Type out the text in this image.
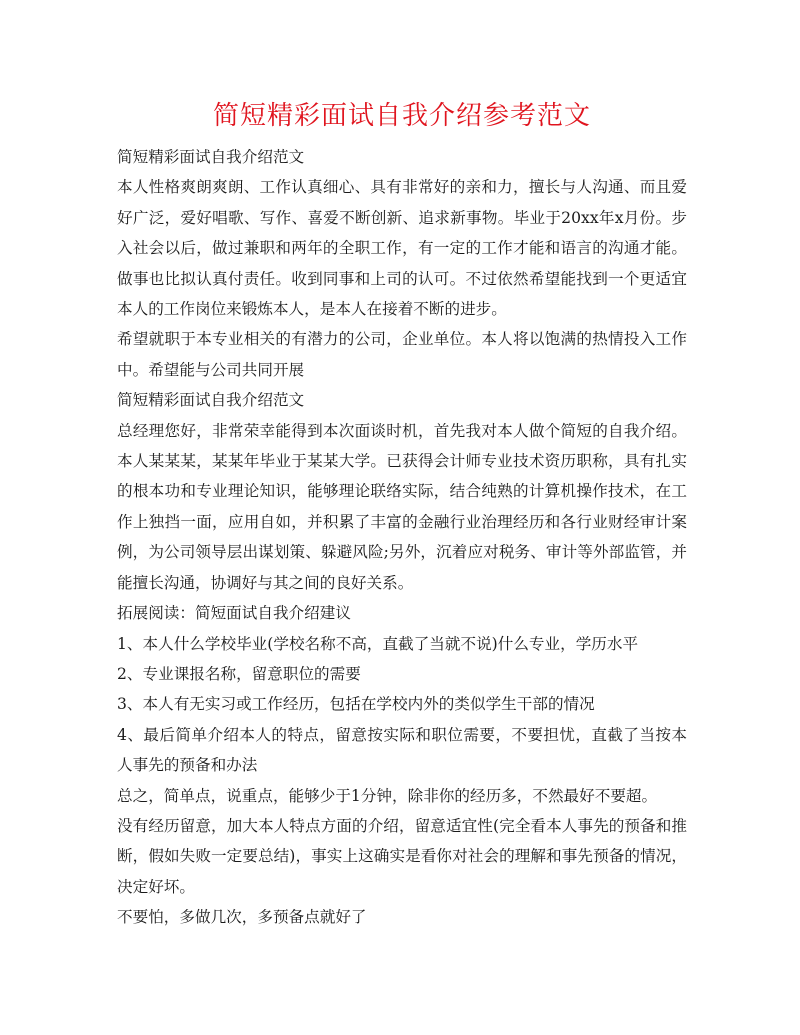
简短精彩面试自我介绍参考范文

简短精彩面试自我介绍范文

本人性格爽朗爽朗、工作认真细心、具有非常好的亲和力，擅长与人沟通、而且爱好广泛，爱好唱歌、写作、喜爱不断创新、追求新事物。毕业于20xx年x月份。步入社会以后，做过兼职和两年的全职工作，有一定的工作才能和语言的沟通才能。做事也比拟认真付责任。收到同事和上司的认可。不过依然希望能找到一个更适宜本人的工作岗位来锻炼本人，是本人在接着不断的进步。

希望就职于本专业相关的有潜力的公司，企业单位。本人将以饱满的热情投入工作中。希望能与公司共同开展

简短精彩面试自我介绍范文

总经理您好，非常荣幸能得到本次面谈时机，首先我对本人做个简短的自我介绍。本人某某某，某某年毕业于某某大学。已获得会计师专业技术资历职称，具有扎实的根本功和专业理论知识，能够理论联络实际，结合纯熟的计算机操作技术，在工作上独挡一面，应用自如，并积累了丰富的金融行业治理经历和各行业财经审计案例，为公司领导层出谋划策、躲避风险;另外，沉着应对税务、审计等外部监管，并能擅长沟通，协调好与其之间的良好关系。

拓展阅读：简短面试自我介绍建议

1、本人什么学校毕业(学校名称不高，直截了当就不说)什么专业，学历水平

2、专业课报名称，留意职位的需要

3、本人有无实习或工作经历，包括在学校内外的类似学生干部的情况

4、最后简单介绍本人的特点，留意按实际和职位需要，不要担忧，直截了当按本人事先的预备和办法

总之，简单点，说重点，能够少于1分钟，除非你的经历多，不然最好不要超。

没有经历留意，加大本人特点方面的介绍，留意适宜性(完全看本人事先的预备和推断，假如失败一定要总结)，事实上这确实是看你对社会的理解和事先预备的情况，决定好坏。

不要怕，多做几次，多预备点就好了
